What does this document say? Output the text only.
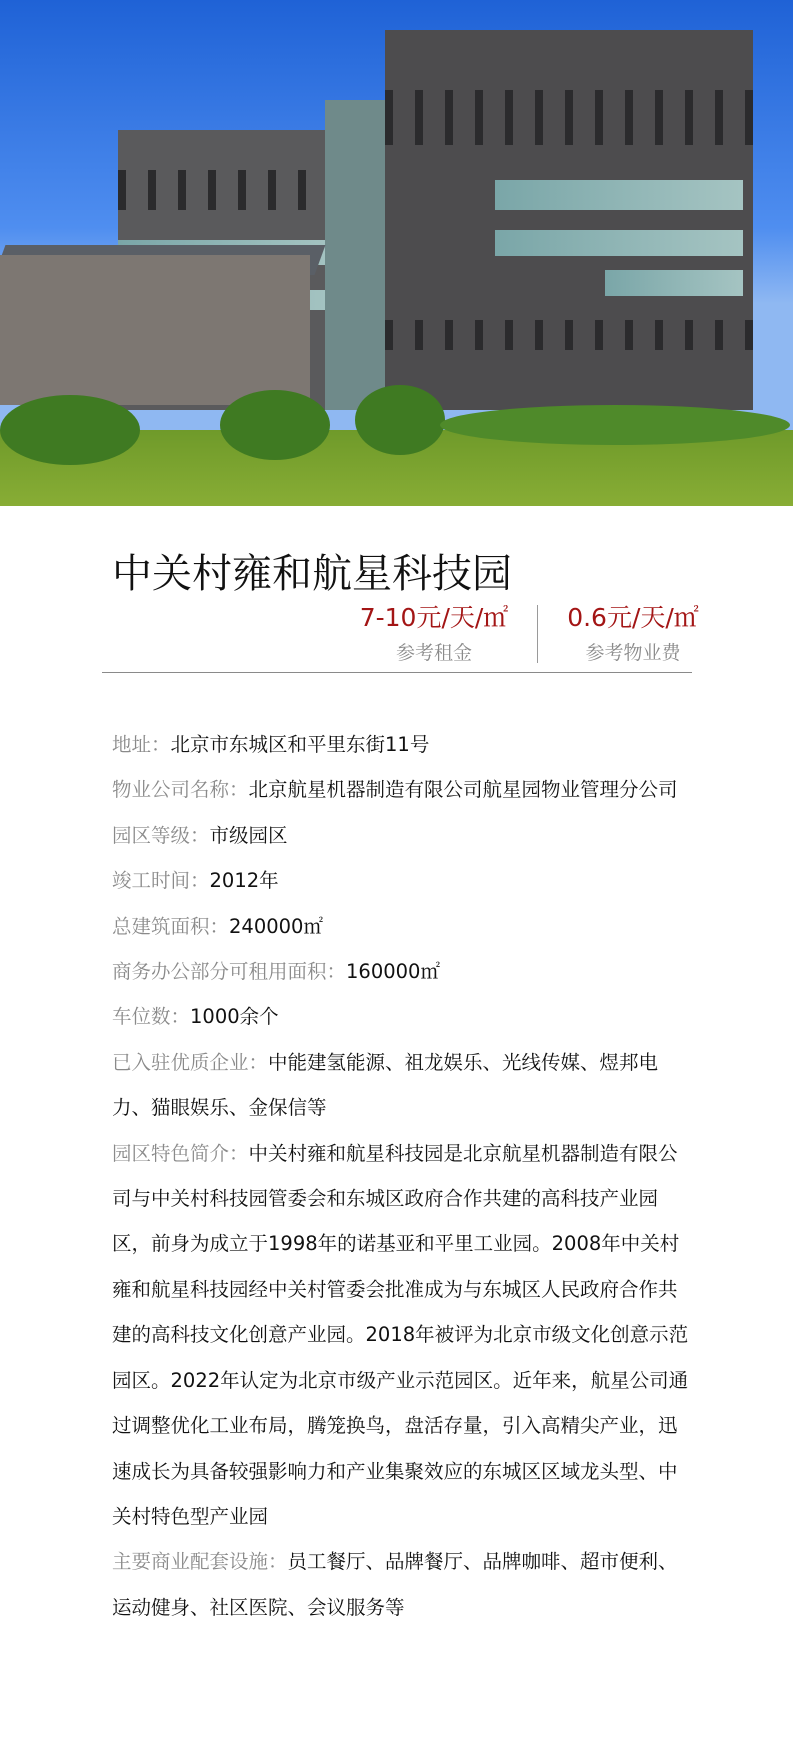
中关村雍和航星科技园
7-10元/天/㎡
参考租金
0.6元/天/㎡
参考物业费

地址：北京市东城区和平里东街11号

物业公司名称：北京航星机器制造有限公司航星园物业管理分公司

园区等级：市级园区

竣工时间：2012年

总建筑面积：240000㎡

商务办公部分可租用面积：160000㎡

车位数：1000余个

已入驻优质企业：中能建氢能源、祖龙娱乐、光线传媒、煜邦电力、猫眼娱乐、金保信等

园区特色简介：中关村雍和航星科技园是北京航星机器制造有限公司与中关村科技园管委会和东城区政府合作共建的高科技产业园区，前身为成立于1998年的诺基亚和平里工业园。2008年中关村雍和航星科技园经中关村管委会批准成为与东城区人民政府合作共建的高科技文化创意产业园。2018年被评为北京市级文化创意示范园区。2022年认定为北京市级产业示范园区。近年来，航星公司通过调整优化工业布局，腾笼换鸟，盘活存量，引入高精尖产业，迅速成长为具备较强影响力和产业集聚效应的东城区区域龙头型、中关村特色型产业园

主要商业配套设施：员工餐厅、品牌餐厅、品牌咖啡、超市便利、运动健身、社区医院、会议服务等
